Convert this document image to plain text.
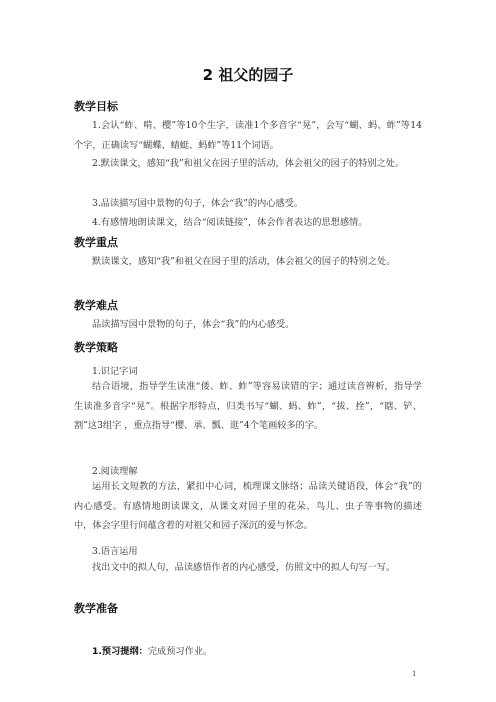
2 祖父的园子
教学目标
1.会认“蚱、啃、樱”等10个生字，读准1个多音字“晃”，会写“蝴、蚂、蚱”等14个字，正确读写“蝴蝶、蜻蜓、蚂蚱”等11个词语。
2.默读课文，感知“我”和祖父在园子里的活动，体会祖父的园子的特别之处。
3.品读描写园中景物的句子，体会“我”的内心感受。
4.有感情地朗读课文，结合“阅读链接”，体会作者表达的思想感情。
教学重点
默读课文，感知“我”和祖父在园子里的活动，体会祖父的园子的特别之处。
教学难点
品读描写园中景物的句子，体会“我”的内心感受。
教学策略
1.识记字词
结合语境，指导学生读准“倭、蚱、蚱”等容易读错的字；通过读音辨析，指导学生读准多音字“晃”。根据字形特点，归类书写“蝴、蚂、蚱”，“拔、拴”，“瞎、铲、割”这3组字 ，重点指导“樱、承、瓢、逛”4个笔画较多的字。
2.阅读理解
运用长文短教的方法，紧扣中心词，梳理课文脉络；品读关键语段，体会“我”的内心感受。有感情地朗读课文，从课文对园子里的花朵、鸟儿、虫子等事物的描述中，体会字里行间蕴含着的对祖父和园子深沉的爱与怀念。
3.语言运用
找出文中的拟人句，品读感悟作者的内心感受，仿照文中的拟人句写一写。
教学准备
1.预习提纲：完成预习作业。
1
